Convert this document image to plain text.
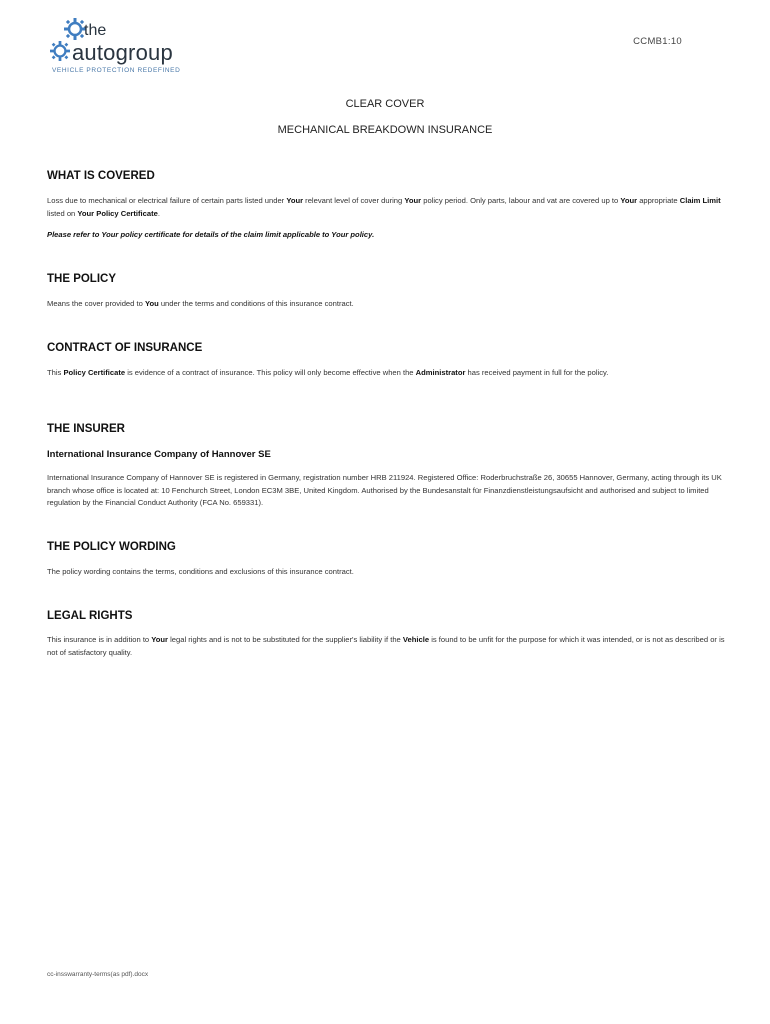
the
autogroup
VEHICLE PROTECTION REDEFINED
CCMB1:10
CLEAR COVER
MECHANICAL BREAKDOWN INSURANCE
WHAT IS COVERED
Loss due to mechanical or electrical failure of certain parts listed under Your relevant level of cover during Your policy period. Only parts, labour and vat are covered up to Your appropriate Claim Limit listed on Your Policy Certificate.
Please refer to Your policy certificate for details of the claim limit applicable to Your policy.
THE POLICY
Means the cover provided to You under the terms and conditions of this insurance contract.
CONTRACT OF INSURANCE
This Policy Certificate is evidence of a contract of insurance. This policy will only become effective when the Administrator has received payment in full for the policy.
THE INSURER
International Insurance Company of Hannover SE
International Insurance Company of Hannover SE is registered in Germany, registration number HRB 211924. Registered Office: Roderbruchstraße 26, 30655 Hannover, Germany, acting through its UK branch whose office is located at: 10 Fenchurch Street, London EC3M 3BE, United Kingdom. Authorised by the Bundesanstalt für Finanzdienstleistungsaufsicht and authorised and subject to limited regulation by the Financial Conduct Authority (FCA No. 659331).
THE POLICY WORDING
The policy wording contains the terms, conditions and exclusions of this insurance contract.
LEGAL RIGHTS
This insurance is in addition to Your legal rights and is not to be substituted for the supplier's liability if the Vehicle is found to be unfit for the purpose for which it was intended, or is not as described or is not of satisfactory quality.
cc-insswarranty-terms(as pdf).docx
